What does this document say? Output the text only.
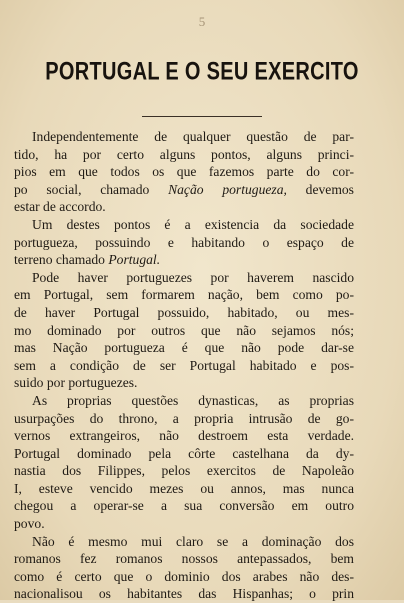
5
PORTUGAL E O SEU EXERCITO
Independentemente de qualquer questão de par-
tido, ha por certo alguns pontos, alguns princi-
pios em que todos os que fazemos parte do cor-
po social, chamado Nação portugueza, devemos
estar de accordo.
Um destes pontos é a existencia da sociedade
portugueza, possuindo e habitando o espaço de
terreno chamado Portugal.
Pode haver portuguezes por haverem nascido
em Portugal, sem formarem nação, bem como po-
de haver Portugal possuido, habitado, ou mes-
mo dominado por outros que não sejamos nós;
mas Nação portugueza é que não pode dar-se
sem a condição de ser Portugal habitado e pos-
suido por portuguezes.
As proprias questões dynasticas, as proprias
usurpações do throno, a propria intrusão de go-
vernos extrangeiros, não destroem esta verdade.
Portugal dominado pela côrte castelhana da dy-
nastia dos Filippes, pelos exercitos de Napoleão
I, esteve vencido mezes ou annos, mas nunca
chegou a operar-se a sua conversão em outro
povo.
Não é mesmo mui claro se a dominação dos
romanos fez romanos nossos antepassados, bem
como é certo que o dominio dos arabes não des-
nacionalisou os habitantes das Hispanhas; o prin
